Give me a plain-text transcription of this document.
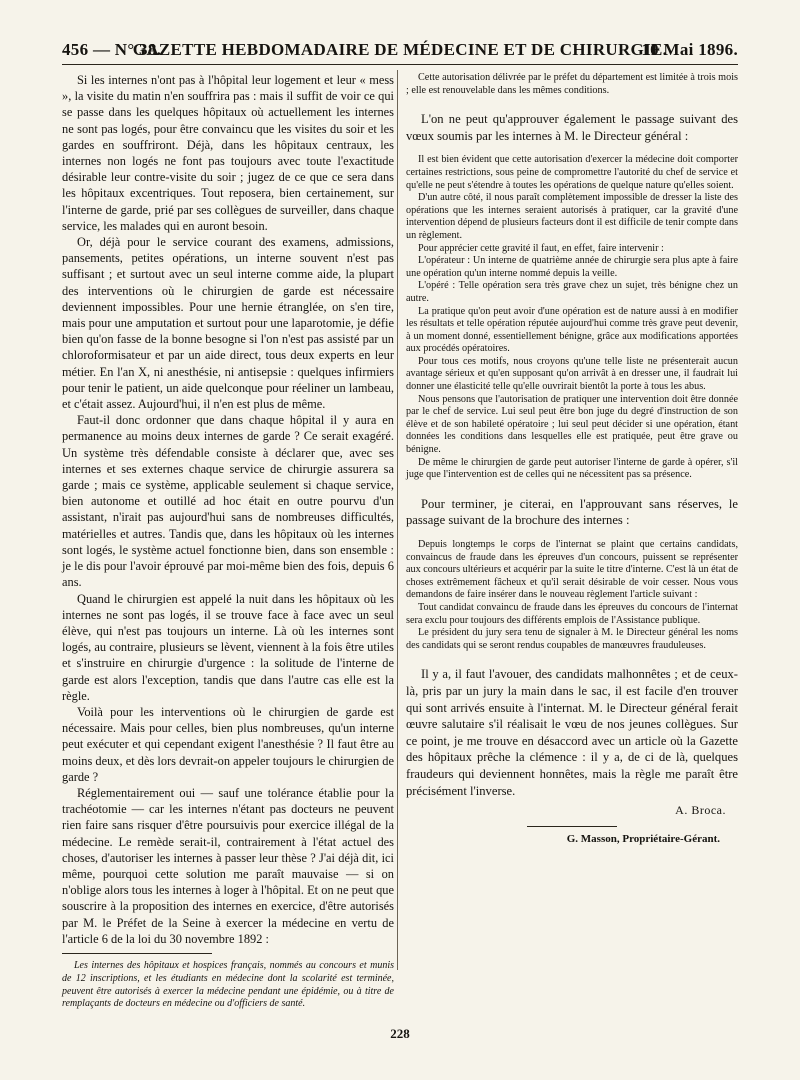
456 — N° 38.
GAZETTE HEBDOMADAIRE DE MÉDECINE ET DE CHIRURGIE.
10 Mai 1896.

Si les internes n'ont pas à l'hôpital leur logement et leur « mess », la visite du matin n'en souffrira pas : mais il suffit de voir ce qui se passe dans les quelques hôpitaux où actuellement les internes ne sont pas logés, pour être convaincu que les visites du soir et les gardes en souffriront. Déjà, dans les hôpitaux centraux, les internes non logés ne font pas toujours avec toute l'exactitude désirable leur contre-visite du soir ; jugez de ce que ce sera dans les hôpitaux excentriques. Tout reposera, bien certainement, sur l'interne de garde, prié par ses collègues de surveiller, dans chaque service, les malades qui en auront besoin.

Or, déjà pour le service courant des examens, admissions, pansements, petites opérations, un interne souvent n'est pas suffisant ; et surtout avec un seul interne comme aide, la plupart des interventions où le chirurgien de garde est nécessaire deviennent impossibles. Pour une hernie étranglée, on s'en tire, mais pour une amputation et surtout pour une laparotomie, je défie bien qu'on fasse de la bonne besogne si l'on n'est pas assisté par un chloroformisateur et par un aide direct, tous deux experts en leur métier. En l'an X, ni anesthésie, ni antisepsie : quelques infirmiers pour tenir le patient, un aide quelconque pour réeliner un lambeau, et c'était assez. Aujourd'hui, il n'en est plus de même.

Faut-il donc ordonner que dans chaque hôpital il y aura en permanence au moins deux internes de garde ? Ce serait exagéré. Un système très défendable consiste à déclarer que, avec ses internes et ses externes chaque service de chirurgie assurera sa garde ; mais ce système, applicable seulement si chaque service, bien autonome et outillé ad hoc était en outre pourvu d'un assistant, n'irait pas aujourd'hui sans de nombreuses difficultés, matérielles et autres. Tandis que, dans les hôpitaux où les internes sont logés, le système actuel fonctionne bien, dans son ensemble : je le dis pour l'avoir éprouvé par moi-même bien des fois, depuis 6 ans.

Quand le chirurgien est appelé la nuit dans les hôpitaux où les internes ne sont pas logés, il se trouve face à face avec un seul élève, qui n'est pas toujours un interne. Là où les internes sont logés, au contraire, plusieurs se lèvent, viennent à la fois être utiles et s'instruire en chirurgie d'urgence : la solitude de l'interne de garde est alors l'exception, tandis que dans l'autre cas elle est la règle.

Voilà pour les interventions où le chirurgien de garde est nécessaire. Mais pour celles, bien plus nombreuses, qu'un interne peut exécuter et qui cependant exigent l'anesthésie ? Il faut être au moins deux, et dès lors devrait-on appeler toujours le chirurgien de garde ?

Réglementairement oui — sauf une tolérance établie pour la trachéotomie — car les internes n'étant pas docteurs ne peuvent rien faire sans risquer d'être poursuivis pour exercice illégal de la médecine. Le remède serait-il, contrairement à l'état actuel des choses, d'autoriser les internes à passer leur thèse ? J'ai déjà dit, ici même, pourquoi cette solution me paraît mauvaise — si on n'oblige alors tous les internes à loger à l'hôpital. Et on ne peut que souscrire à la proposition des internes en exercice, d'être autorisés par M. le Préfet de la Seine à exercer la médecine en vertu de l'article 6 de la loi du 30 novembre 1892 :

Les internes des hôpitaux et hospices français, nommés au concours et munis de 12 inscriptions, et les étudiants en médecine dont la scolarité est terminée, peuvent être autorisés à exercer la médecine pendant une épidémie, ou à titre de remplaçants de docteurs en médecine ou d'officiers de santé.

Cette autorisation délivrée par le préfet du département est limitée à trois mois ; elle est renouvelable dans les mêmes conditions.

L'on ne peut qu'approuver également le passage suivant des vœux soumis par les internes à M. le Directeur général :

Il est bien évident que cette autorisation d'exercer la médecine doit comporter certaines restrictions, sous peine de compromettre l'autorité du chef de service et qu'elle ne peut s'étendre à toutes les opérations de quelque nature qu'elles soient.

D'un autre côté, il nous paraît complètement impossible de dresser la liste des opérations que les internes seraient autorisés à pratiquer, car la gravité d'une intervention dépend de plusieurs facteurs dont il est difficile de tenir compte dans un règlement.

Pour apprécier cette gravité il faut, en effet, faire intervenir :

L'opérateur : Un interne de quatrième année de chirurgie sera plus apte à faire une opération qu'un interne nommé depuis la veille.

L'opéré : Telle opération sera très grave chez un sujet, très bénigne chez un autre.

La pratique qu'on peut avoir d'une opération est de nature aussi à en modifier les résultats et telle opération réputée aujourd'hui comme très grave peut devenir, à un moment donné, essentiellement bénigne, grâce aux modifications apportées aux procédés opératoires.

Pour tous ces motifs, nous croyons qu'une telle liste ne présenterait aucun avantage sérieux et qu'en supposant qu'on arrivât à en dresser une, il faudrait lui donner une élasticité telle qu'elle ouvrirait bientôt la porte à tous les abus.

Nous pensons que l'autorisation de pratiquer une intervention doit être donnée par le chef de service. Lui seul peut être bon juge du degré d'instruction de son élève et de son habileté opératoire ; lui seul peut décider si une opération, étant données les conditions dans lesquelles elle est pratiquée, peut être grave ou bénigne.

De même le chirurgien de garde peut autoriser l'interne de garde à opérer, s'il juge que l'intervention est de celles qui ne nécessitent pas sa présence.

Pour terminer, je citerai, en l'approuvant sans réserves, le passage suivant de la brochure des internes :

Depuis longtemps le corps de l'internat se plaint que certains candidats, convaincus de fraude dans les épreuves d'un concours, puissent se représenter aux concours ultérieurs et acquérir par la suite le titre d'interne. C'est là un état de choses extrêmement fâcheux et qu'il serait désirable de voir cesser. Nous vous demandons de faire insérer dans le nouveau règlement l'article suivant :

Tout candidat convaincu de fraude dans les épreuves du concours de l'internat sera exclu pour toujours des différents emplois de l'Assistance publique.

Le président du jury sera tenu de signaler à M. le Directeur général les noms des candidats qui se seront rendus coupables de manœuvres frauduleuses.

Il y a, il faut l'avouer, des candidats malhonnêtes ; et de ceux-là, pris par un jury la main dans le sac, il est facile d'en trouver qui sont arrivés ensuite à l'internat. M. le Directeur général ferait œuvre salutaire s'il réalisait le vœu de nos jeunes collègues. Sur ce point, je me trouve en désaccord avec un article où la Gazette des hôpitaux prêche la clémence : il y a, de ci de là, quelques fraudeurs qui deviennent honnêtes, mais la règle me paraît être précisément l'inverse.

A. Broca.

G. Masson, Propriétaire-Gérant.

228
